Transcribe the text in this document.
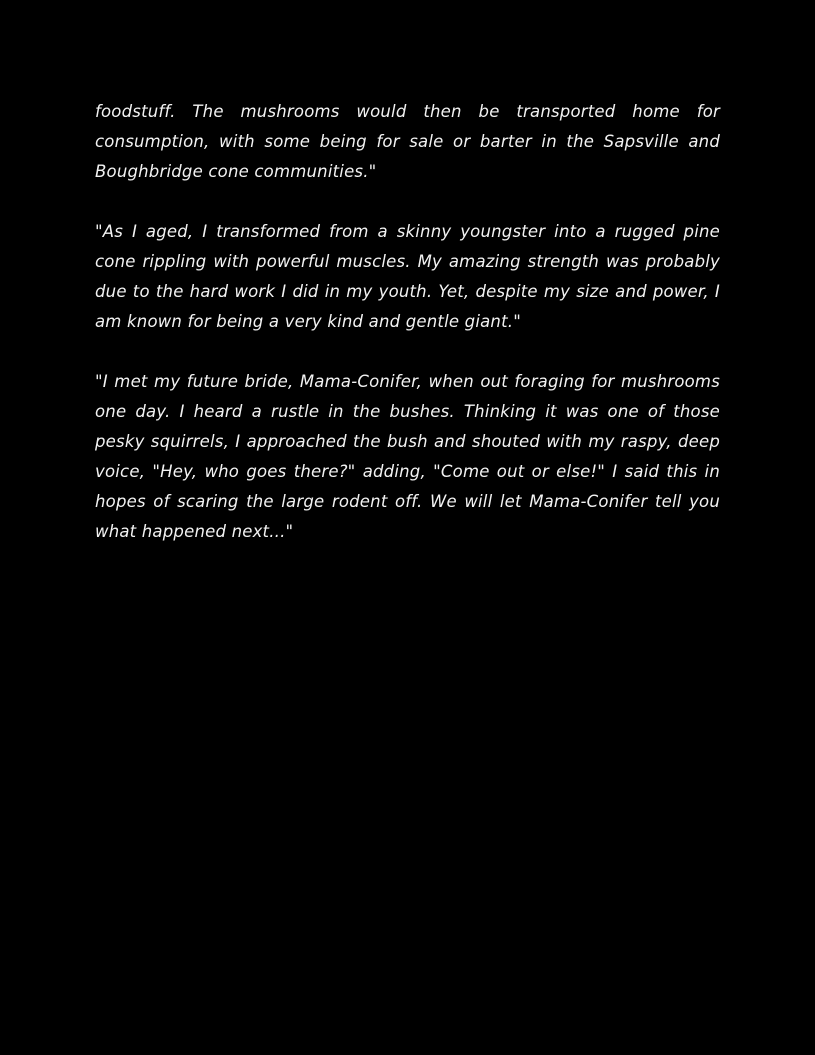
foodstuff. The mushrooms would then be transported home for consumption, with some being for sale or barter in the Sapsville and Boughbridge cone communities."

"As I aged, I transformed from a skinny youngster into a rugged pine cone rippling with powerful muscles. My amazing strength was probably due to the hard work I did in my youth. Yet, despite my size and power, I am known for being a very kind and gentle giant."

"I met my future bride, Mama-Conifer, when out foraging for mushrooms one day. I heard a rustle in the bushes. Thinking it was one of those pesky squirrels, I approached the bush and shouted with my raspy, deep voice, "Hey, who goes there?" adding, "Come out or else!" I said this in hopes of scaring the large rodent off. We will let Mama-Conifer tell you what happened next..."
